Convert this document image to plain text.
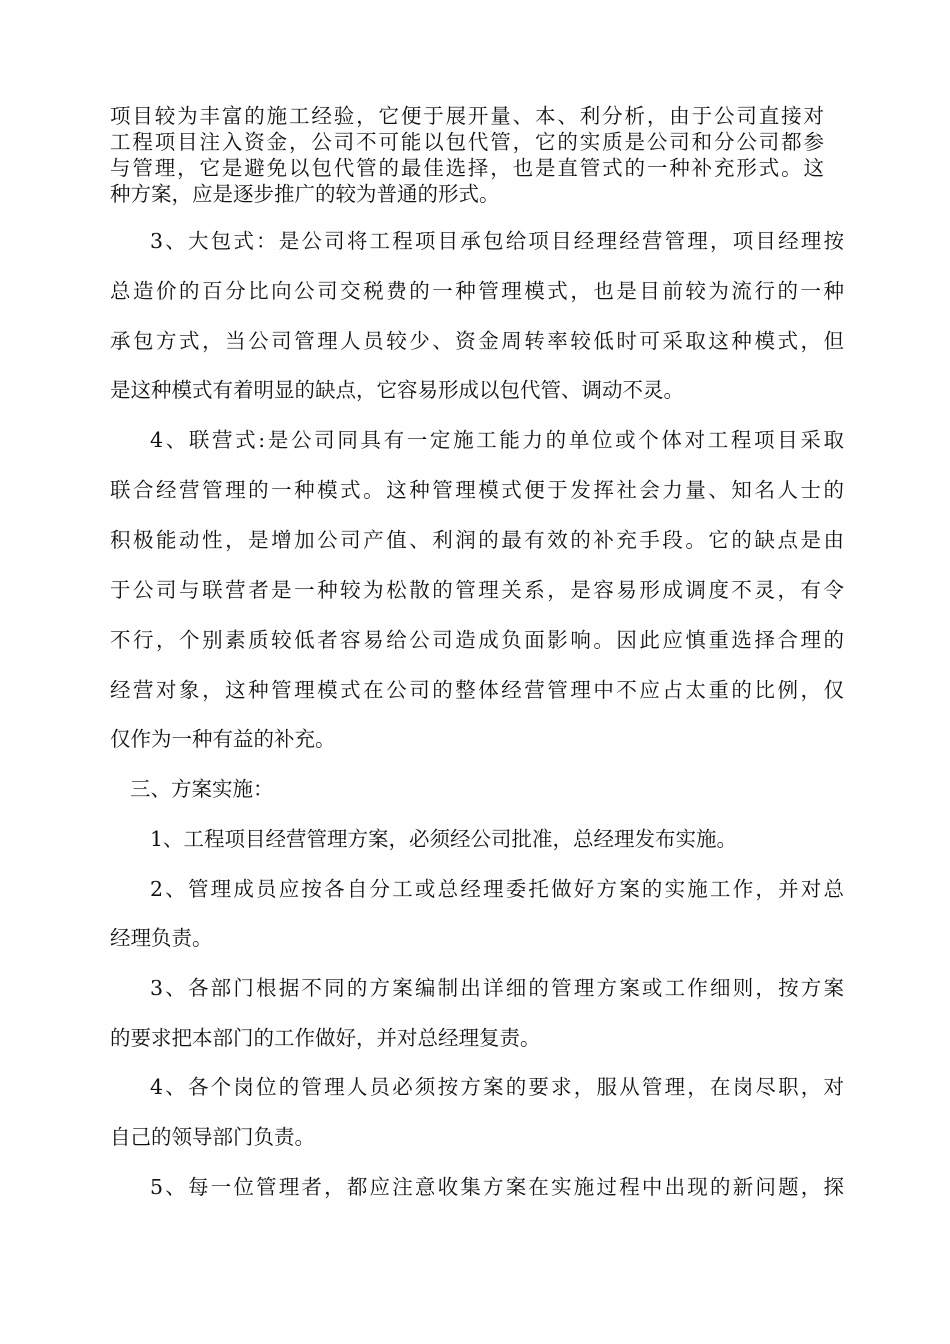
项目较为丰富的施工经验，它便于展开量、本、利分析，由于公司直接对

工程项目注入资金，公司不可能以包代管，它的实质是公司和分公司都参

与管理，它是避免以包代管的最佳选择，也是直管式的一种补充形式。这

种方案，应是逐步推广的较为普通的形式。

3、大包式：是公司将工程项目承包给项目经理经营管理，项目经理按

总造价的百分比向公司交税费的一种管理模式，也是目前较为流行的一种

承包方式，当公司管理人员较少、资金周转率较低时可采取这种模式，但

是这种模式有着明显的缺点，它容易形成以包代管、调动不灵。

4、联营式:是公司同具有一定施工能力的单位或个体对工程项目采取

联合经营管理的一种模式。这种管理模式便于发挥社会力量、知名人士的

积极能动性，是增加公司产值、利润的最有效的补充手段。它的缺点是由

于公司与联营者是一种较为松散的管理关系，是容易形成调度不灵，有令

不行，个别素质较低者容易给公司造成负面影响。因此应慎重选择合理的

经营对象，这种管理模式在公司的整体经营管理中不应占太重的比例，仅

仅作为一种有益的补充。

三、方案实施：

1、工程项目经营管理方案，必须经公司批准，总经理发布实施。

2、管理成员应按各自分工或总经理委托做好方案的实施工作，并对总

经理负责。

3、各部门根据不同的方案编制出详细的管理方案或工作细则，按方案

的要求把本部门的工作做好，并对总经理复责。

4、各个岗位的管理人员必须按方案的要求，服从管理，在岗尽职，对

自己的领导部门负责。

5、每一位管理者，都应注意收集方案在实施过程中出现的新问题，探
